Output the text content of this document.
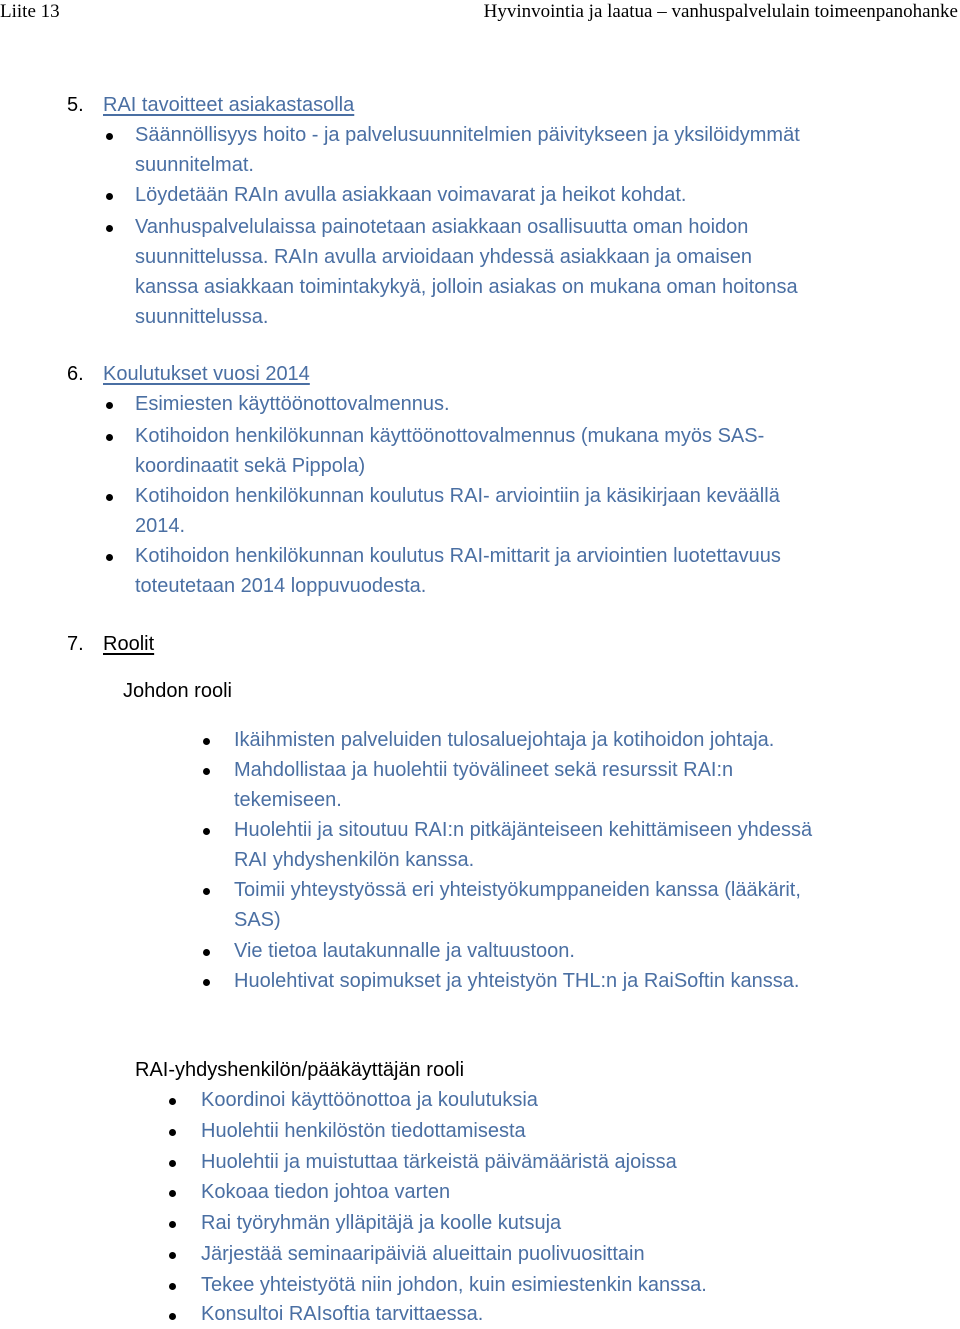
Liite 13	Hyvinvointia ja laatua – vanhuspalvelulain toimeenpanohanke

5. RAI tavoitteet asiakastasolla

Säännöllisyys hoito - ja palvelusuunnitelmien päivitykseen ja yksilöidymmät

suunnitelmat.

Löydetään RAIn avulla asiakkaan voimavarat ja heikot kohdat.

Vanhuspalvelulaissa painotetaan asiakkaan osallisuutta oman hoidon

suunnittelussa. RAIn avulla arvioidaan yhdessä asiakkaan ja omaisen

kanssa asiakkaan toimintakykyä, jolloin asiakas on mukana oman hoitonsa

suunnittelussa.

6. Koulutukset vuosi 2014

Esimiesten käyttöönottovalmennus.

Kotihoidon henkilökunnan käyttöönottovalmennus (mukana myös SAS-

koordinaatit sekä Pippola)

Kotihoidon henkilökunnan koulutus RAI- arviointiin ja käsikirjaan keväällä

2014.

Kotihoidon henkilökunnan koulutus RAI-mittarit ja arviointien luotettavuus

toteutetaan 2014 loppuvuodesta.

7. Roolit

Johdon rooli

Ikäihmisten palveluiden tulosaluejohtaja ja kotihoidon johtaja.

Mahdollistaa ja huolehtii työvälineet sekä resurssit RAI:n

tekemiseen.

Huolehtii ja sitoutuu RAI:n pitkäjänteiseen kehittämiseen yhdessä

RAI yhdyshenkilön kanssa.

Toimii yhteystyössä eri yhteistyökumppaneiden kanssa (lääkärit,

SAS)

Vie tietoa lautakunnalle ja valtuustoon.

Huolehtivat sopimukset ja yhteistyön THL:n ja RaiSoftin kanssa.

RAI-yhdyshenkilön/pääkäyttäjän rooli

Koordinoi käyttöönottoa ja koulutuksia

Huolehtii henkilöstön tiedottamisesta

Huolehtii ja muistuttaa tärkeistä päivämääristä ajoissa

Kokoaa tiedon johtoa varten

Rai työryhmän ylläpitäjä ja koolle kutsuja

Järjestää seminaaripäiviä alueittain puolivuosittain

Tekee yhteistyötä niin johdon, kuin esimiestenkin kanssa.

Konsultoi RAIsoftia tarvittaessa.
